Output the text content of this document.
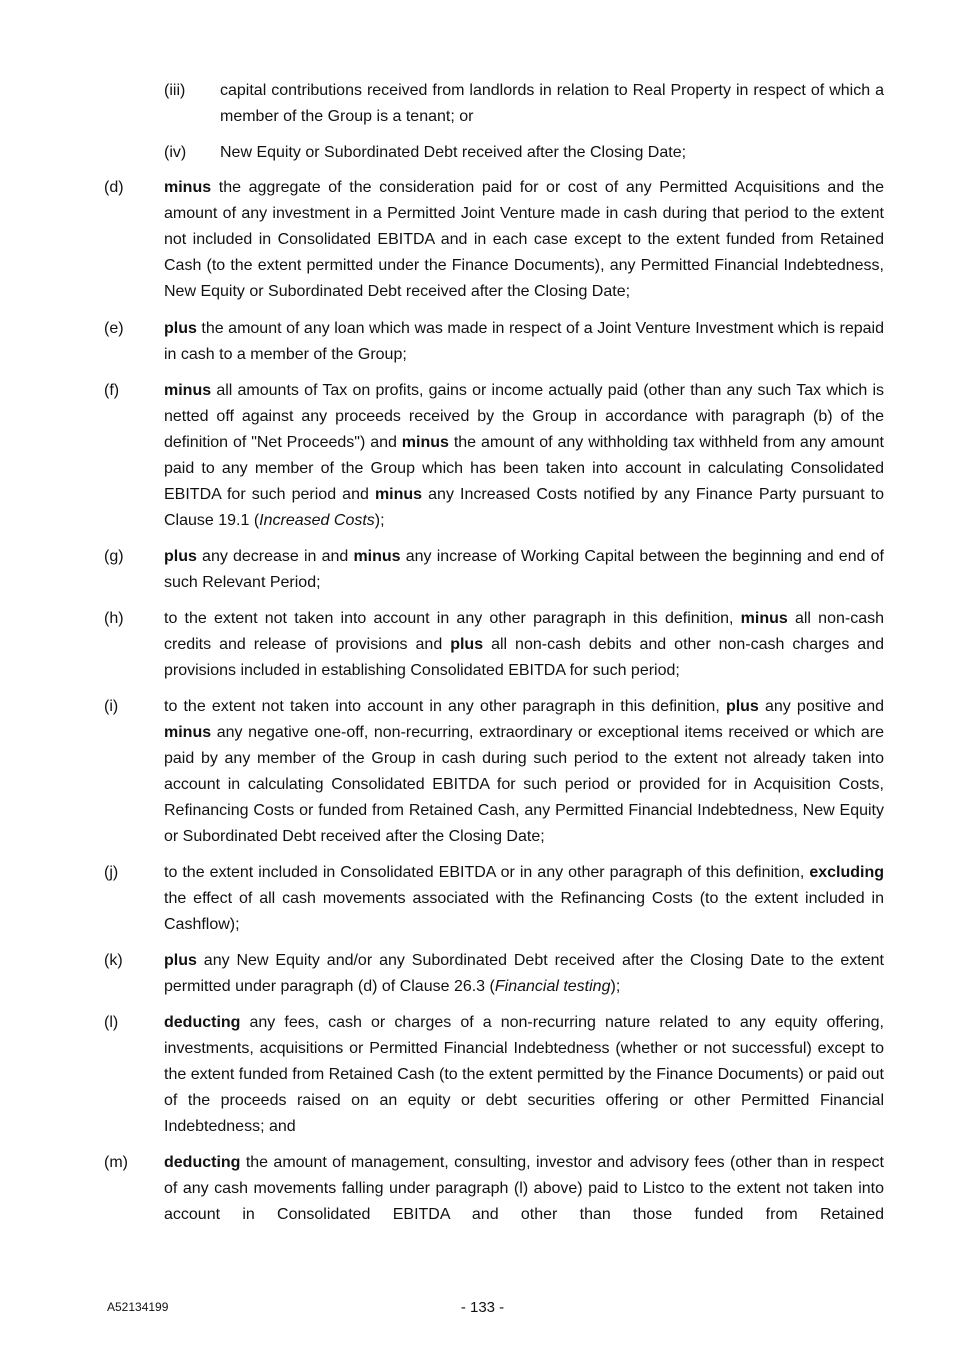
(iii) capital contributions received from landlords in relation to Real Property in respect of which a member of the Group is a tenant; or

(iv) New Equity or Subordinated Debt received after the Closing Date;

(d)	minus the aggregate of the consideration paid for or cost of any Permitted Acquisitions and the amount of any investment in a Permitted Joint Venture made in cash during that period to the extent not included in Consolidated EBITDA and in each case except to the extent funded from Retained Cash (to the extent permitted under the Finance Documents), any Permitted Financial Indebtedness, New Equity or Subordinated Debt received after the Closing Date;

(e)	plus the amount of any loan which was made in respect of a Joint Venture Investment which is repaid in cash to a member of the Group;

(f)	minus all amounts of Tax on profits, gains or income actually paid (other than any such Tax which is netted off against any proceeds received by the Group in accordance with paragraph (b) of the definition of "Net Proceeds") and minus the amount of any withholding tax withheld from any amount paid to any member of the Group which has been taken into account in calculating Consolidated EBITDA for such period and minus any Increased Costs notified by any Finance Party pursuant to Clause 19.1 (Increased Costs);

(g)	plus any decrease in and minus any increase of Working Capital between the beginning and end of such Relevant Period;

(h)	to the extent not taken into account in any other paragraph in this definition, minus all non-cash credits and release of provisions and plus all non-cash debits and other non-cash charges and provisions included in establishing Consolidated EBITDA for such period;

(i)	to the extent not taken into account in any other paragraph in this definition, plus any positive and minus any negative one-off, non-recurring, extraordinary or exceptional items received or which are paid by any member of the Group in cash during such period to the extent not already taken into account in calculating Consolidated EBITDA for such period or provided for in Acquisition Costs, Refinancing Costs or funded from Retained Cash, any Permitted Financial Indebtedness, New Equity or Subordinated Debt received after the Closing Date;

(j)	to the extent included in Consolidated EBITDA or in any other paragraph of this definition, excluding the effect of all cash movements associated with the Refinancing Costs (to the extent included in Cashflow);

(k)	plus any New Equity and/or any Subordinated Debt received after the Closing Date to the extent permitted under paragraph (d) of Clause 26.3 (Financial testing);

(l)	deducting any fees, cash or charges of a non-recurring nature related to any equity offering, investments, acquisitions or Permitted Financial Indebtedness (whether or not successful) except to the extent funded from Retained Cash (to the extent permitted by the Finance Documents) or paid out of the proceeds raised on an equity or debt securities offering or other Permitted Financial Indebtedness; and

(m) deducting the amount of management, consulting, investor and advisory fees (other than in respect of any cash movements falling under paragraph (l) above) paid to Listco to the extent not taken into account in Consolidated EBITDA and other than those funded from Retained

A52134199	- 133 -
